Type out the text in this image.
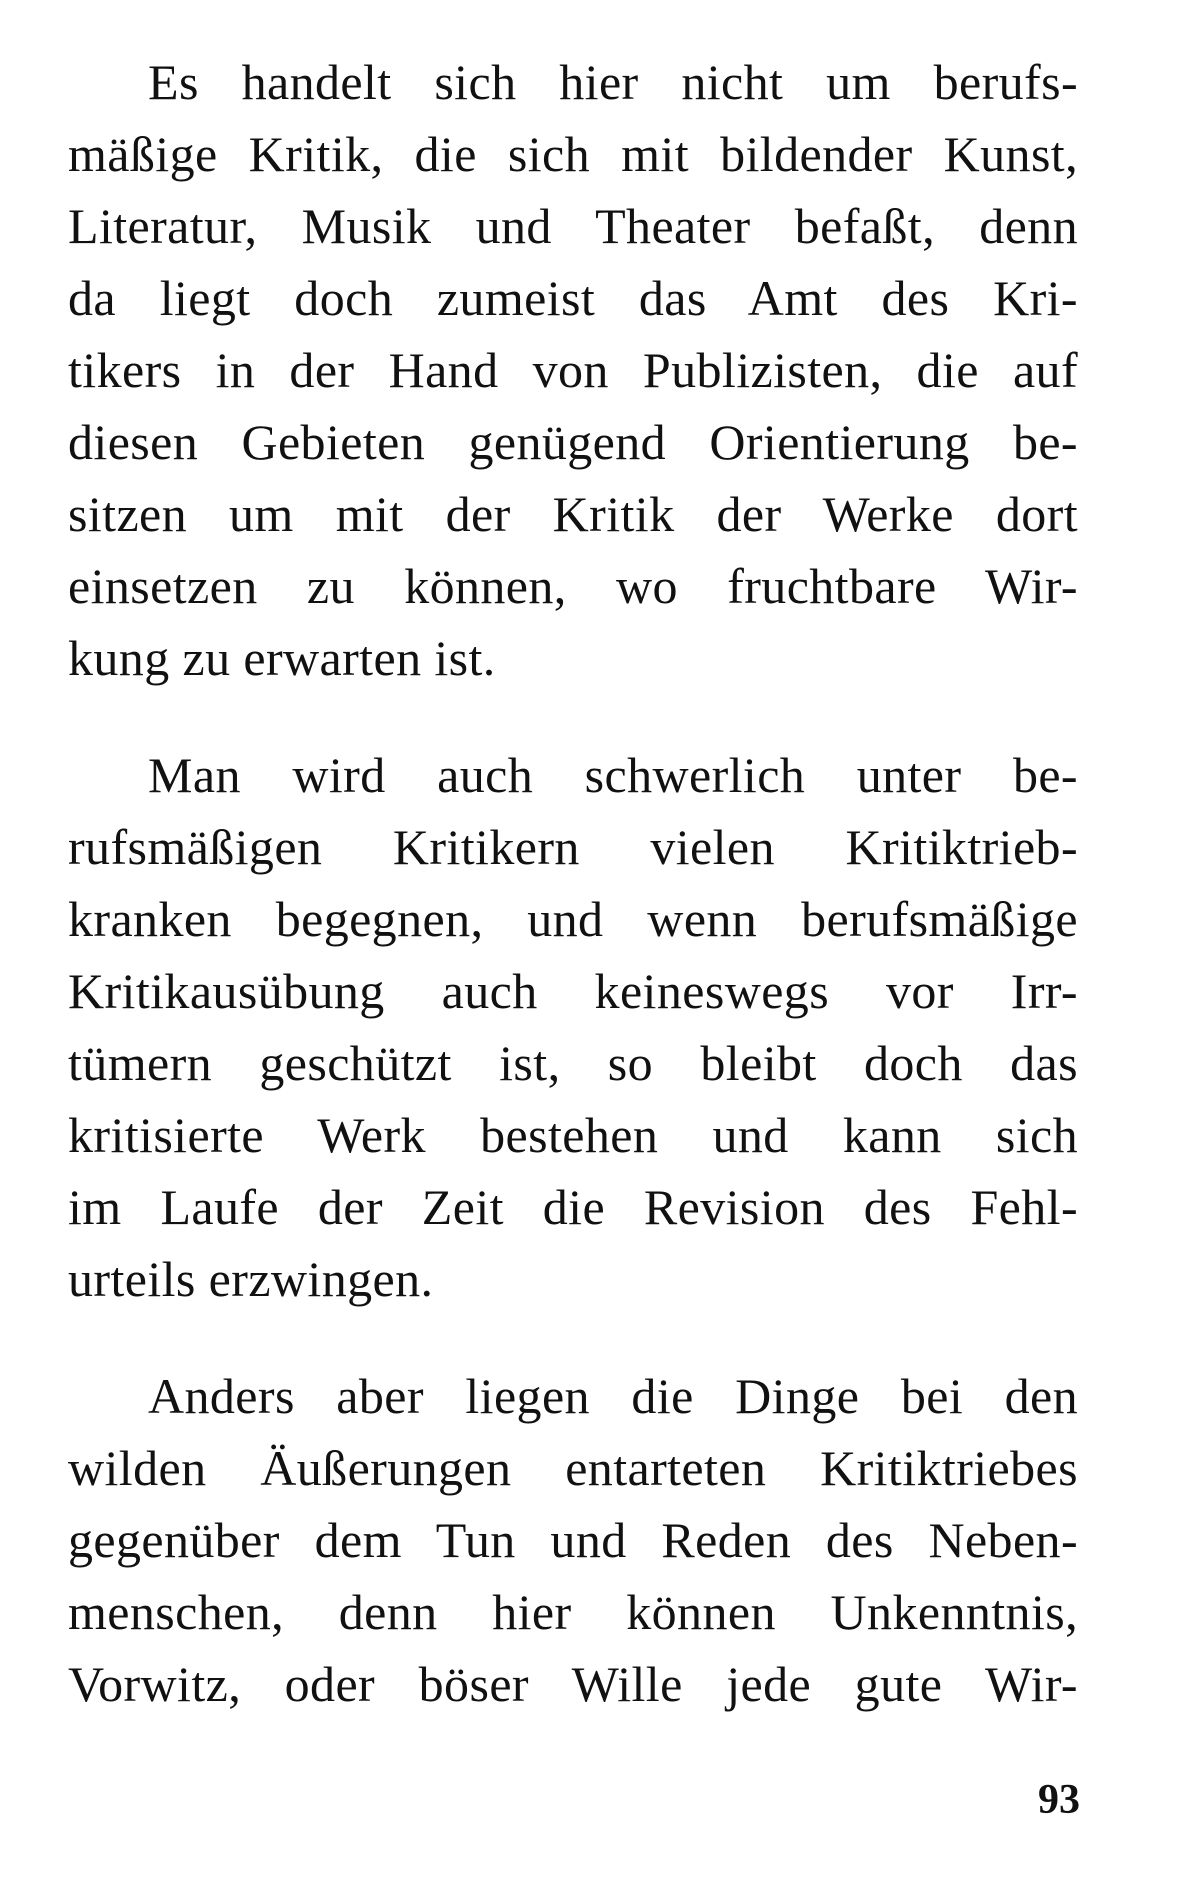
Es handelt sich hier nicht um berufs-
mäßige Kritik, die sich mit bildender Kunst,
Literatur, Musik und Theater befaßt, denn
da liegt doch zumeist das Amt des Kri-
tikers in der Hand von Publizisten, die auf
diesen Gebieten genügend Orientierung be-
sitzen um mit der Kritik der Werke dort
einsetzen zu können, wo fruchtbare Wir-
kung zu erwarten ist.
Man wird auch schwerlich unter be-
rufsmäßigen Kritikern vielen Kritiktrieb-
kranken begegnen, und wenn berufsmäßige
Kritikausübung auch keineswegs vor Irr-
tümern geschützt ist, so bleibt doch das
kritisierte Werk bestehen und kann sich
im Laufe der Zeit die Revision des Fehl-
urteils erzwingen.
Anders aber liegen die Dinge bei den
wilden Äußerungen entarteten Kritiktriebes
gegenüber dem Tun und Reden des Neben-
menschen, denn hier können Unkenntnis,
Vorwitz, oder böser Wille jede gute Wir-
93
